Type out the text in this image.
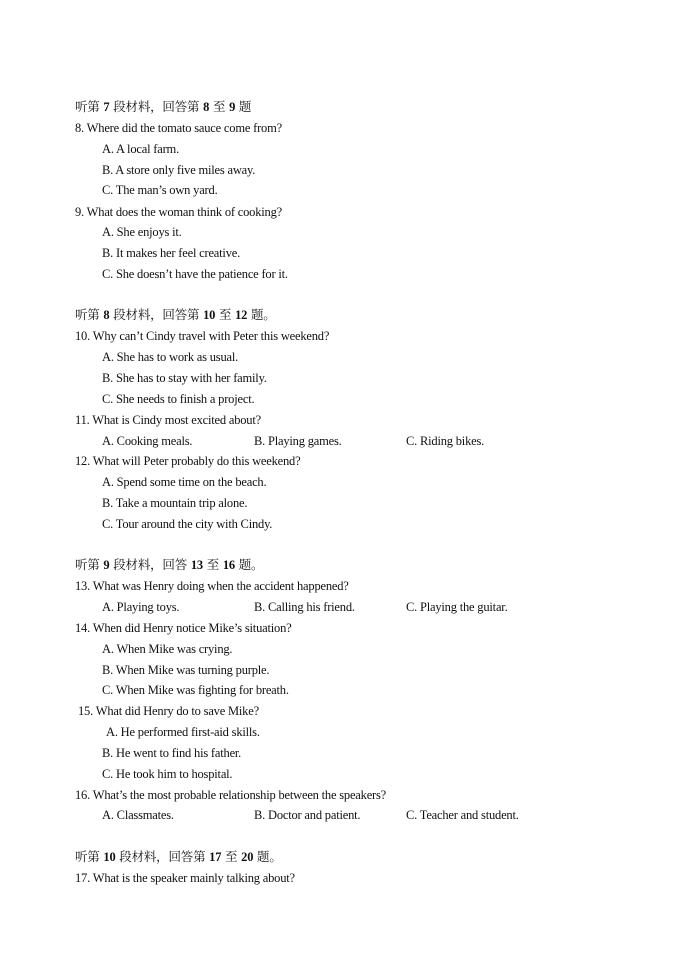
听第 7 段材料，回答第 8 至 9 题
8. Where did the tomato sauce come from?
A. A local farm.
B. A store only five miles away.
C. The man’s own yard.
9. What does the woman think of cooking?
A. She enjoys it.
B. It makes her feel creative.
C. She doesn’t have the patience for it.
听第 8 段材料，回答第 10 至 12 题。
10. Why can’t Cindy travel with Peter this weekend?
A. She has to work as usual.
B. She has to stay with her family.
C. She needs to finish a project.
11. What is Cindy most excited about?
A. Cooking meals.	B. Playing games.	C. Riding bikes.
12. What will Peter probably do this weekend?
A. Spend some time on the beach.
B. Take a mountain trip alone.
C. Tour around the city with Cindy.
听第 9 段材料，回答 13 至 16 题。
13. What was Henry doing when the accident happened?
A. Playing toys.	B. Calling his friend.	C. Playing the guitar.
14. When did Henry notice Mike’s situation?
A. When Mike was crying.
B. When Mike was turning purple.
C. When Mike was fighting for breath.
15. What did Henry do to save Mike?
A. He performed first-aid skills.
B. He went to find his father.
C. He took him to hospital.
16. What’s the most probable relationship between the speakers?
A. Classmates.	B. Doctor and patient.	C. Teacher and student.
听第 10 段材料，回答第 17 至 20 题。
17. What is the speaker mainly talking about?
